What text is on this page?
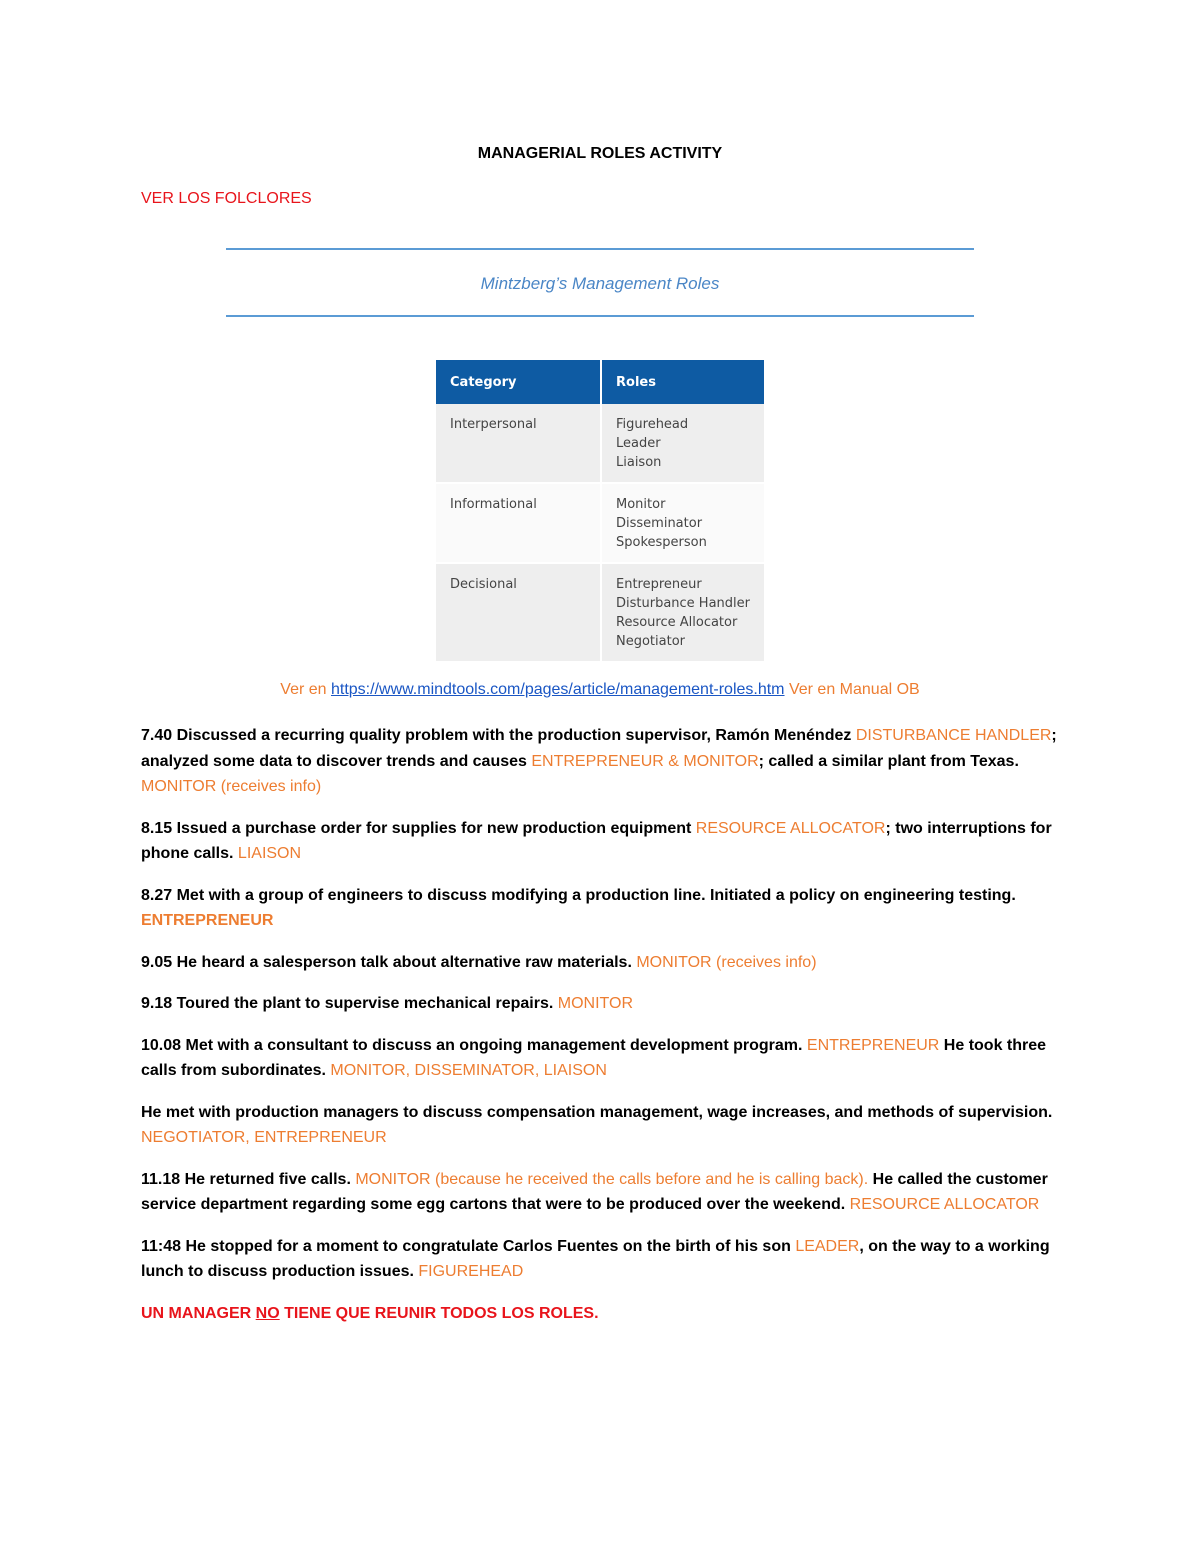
MANAGERIAL ROLES ACTIVITY
VER LOS FOLCLORES
Mintzberg’s Management Roles
Category	Roles
Interpersonal	Figurehead
Leader
Liaison

Informational	Monitor
Disseminator
Spokesperson

Decisional	Entrepreneur
Disturbance Handler
Resource Allocator
Negotiator
Ver en https://www.mindtools.com/pages/article/management-roles.htm Ver en Manual OB

7.40 Discussed a recurring quality problem with the production supervisor, Ramón Menéndez DISTURBANCE HANDLER; analyzed some data to discover trends and causes ENTREPRENEUR & MONITOR; called a similar plant from Texas. MONITOR (receives info)

8.15 Issued a purchase order for supplies for new production equipment RESOURCE ALLOCATOR; two interruptions for phone calls. LIAISON

8.27 Met with a group of engineers to discuss modifying a production line. Initiated a policy on engineering testing. ENTREPRENEUR

9.05 He heard a salesperson talk about alternative raw materials. MONITOR (receives info)

9.18 Toured the plant to supervise mechanical repairs. MONITOR

10.08 Met with a consultant to discuss an ongoing management development program. ENTREPRENEUR He took three calls from subordinates. MONITOR, DISSEMINATOR, LIAISON

He met with production managers to discuss compensation management, wage increases, and methods of supervision. NEGOTIATOR, ENTREPRENEUR

11.18 He returned five calls. MONITOR (because he received the calls before and he is calling back). He called the customer service department regarding some egg cartons that were to be produced over the weekend. RESOURCE ALLOCATOR

11:48 He stopped for a moment to congratulate Carlos Fuentes on the birth of his son LEADER, on the way to a working lunch to discuss production issues. FIGUREHEAD

UN MANAGER NO TIENE QUE REUNIR TODOS LOS ROLES.
